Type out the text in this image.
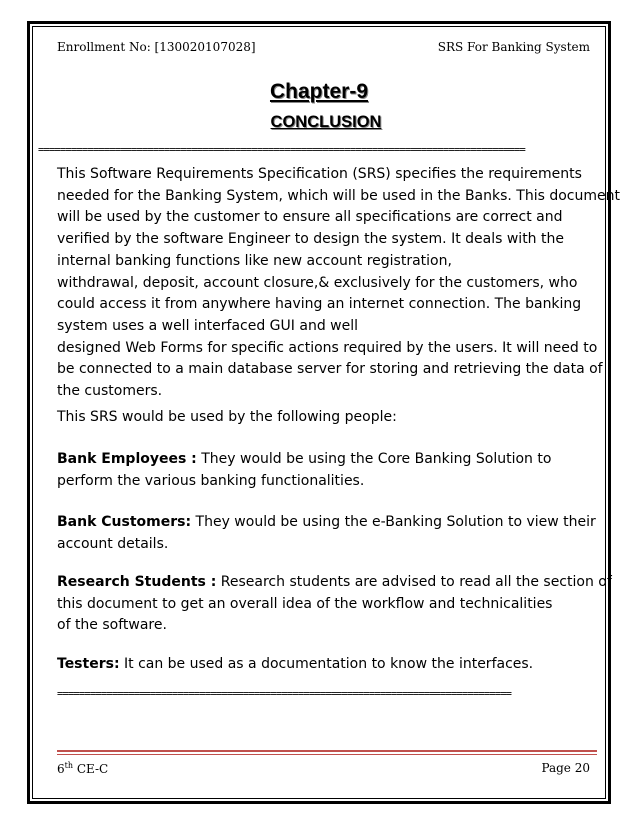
Enrollment No: [130020107028]	SRS For Banking System
Chapter-9
CONCLUSION
=========================================================================================
This Software Requirements Specification (SRS) specifies the requirements
needed for the Banking System, which will be used in the Banks. This document
will be used by the customer to ensure all specifications are correct and
verified by the software Engineer to design the system. It deals with the
internal banking functions like new account registration,
withdrawal, deposit, account closure,& exclusively for the customers, who
could access it from anywhere having an internet connection. The banking
system uses a well interfaced GUI and well
designed Web Forms for specific actions required by the users. It will need to
be connected to a main database server for storing and retrieving the data of
the customers.
This SRS would be used by the following people:
Bank Employees : They would be using the Core Banking Solution to
perform the various banking functionalities.
Bank Customers: They would be using the e-Banking Solution to view their
account details.
Research Students : Research students are advised to read all the section of
this document to get an overall idea of the workflow and technicalities
of the software.
Testers: It can be used as a documentation to know the interfaces.
===================================================================================
6th CE-C	Page 20
